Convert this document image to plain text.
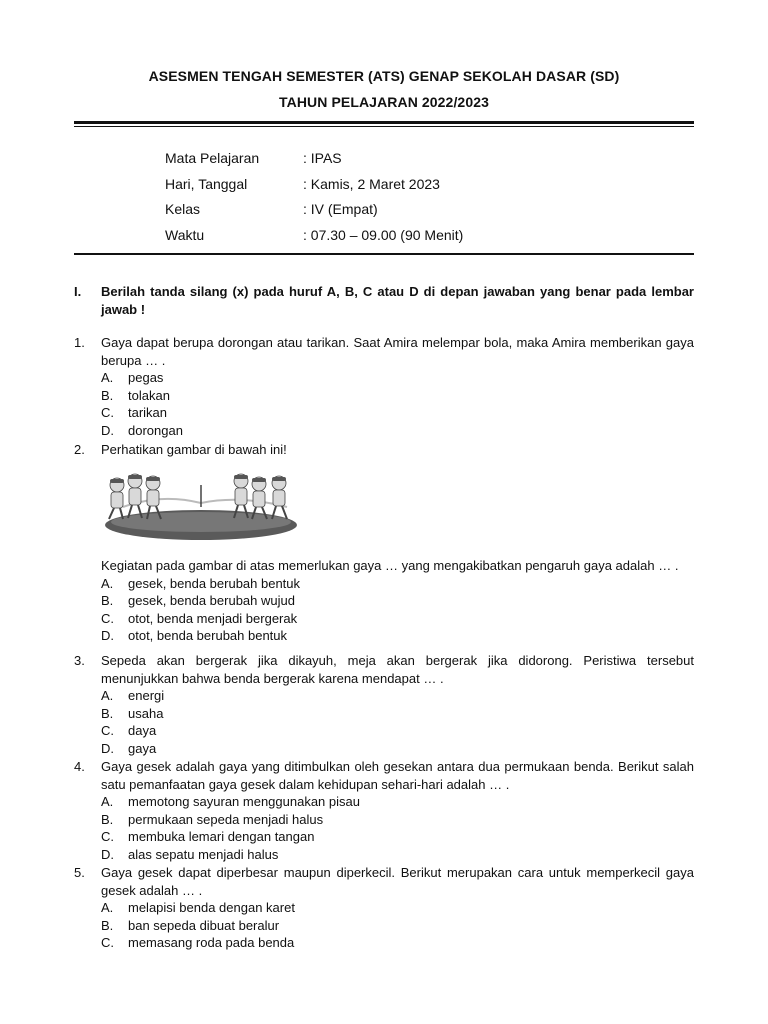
ASESMEN TENGAH SEMESTER (ATS) GENAP SEKOLAH DASAR (SD)
TAHUN PELAJARAN 2022/2023
Mata Pelajaran	: IPAS
Hari, Tanggal	: Kamis, 2 Maret 2023
Kelas	: IV (Empat)
Waktu	: 07.30 – 09.00 (90 Menit)
I. Berilah tanda silang (x) pada huruf A, B, C atau D di depan jawaban yang benar pada lembar jawab !
1. Gaya dapat berupa dorongan atau tarikan. Saat Amira melempar bola, maka Amira memberikan gaya berupa … .
A. pegas
B. tolakan
C. tarikan
D. dorongan
2. Perhatikan gambar di bawah ini!
Kegiatan pada gambar di atas memerlukan gaya … yang mengakibatkan pengaruh gaya adalah … .
A. gesek, benda berubah bentuk
B. gesek, benda berubah wujud
C. otot, benda menjadi bergerak
D. otot, benda berubah bentuk
3. Sepeda akan bergerak jika dikayuh, meja akan bergerak jika didorong. Peristiwa tersebut menunjukkan bahwa benda bergerak karena mendapat … .
A. energi
B. usaha
C. daya
D. gaya
4. Gaya gesek adalah gaya yang ditimbulkan oleh gesekan antara dua permukaan benda. Berikut salah satu pemanfaatan gaya gesek dalam kehidupan sehari-hari adalah … .
A. memotong sayuran menggunakan pisau
B. permukaan sepeda menjadi halus
C. membuka lemari dengan tangan
D. alas sepatu menjadi halus
5. Gaya gesek dapat diperbesar maupun diperkecil. Berikut merupakan cara untuk memperkecil gaya gesek adalah … .
A. melapisi benda dengan karet
B. ban sepeda dibuat beralur
C. memasang roda pada benda
